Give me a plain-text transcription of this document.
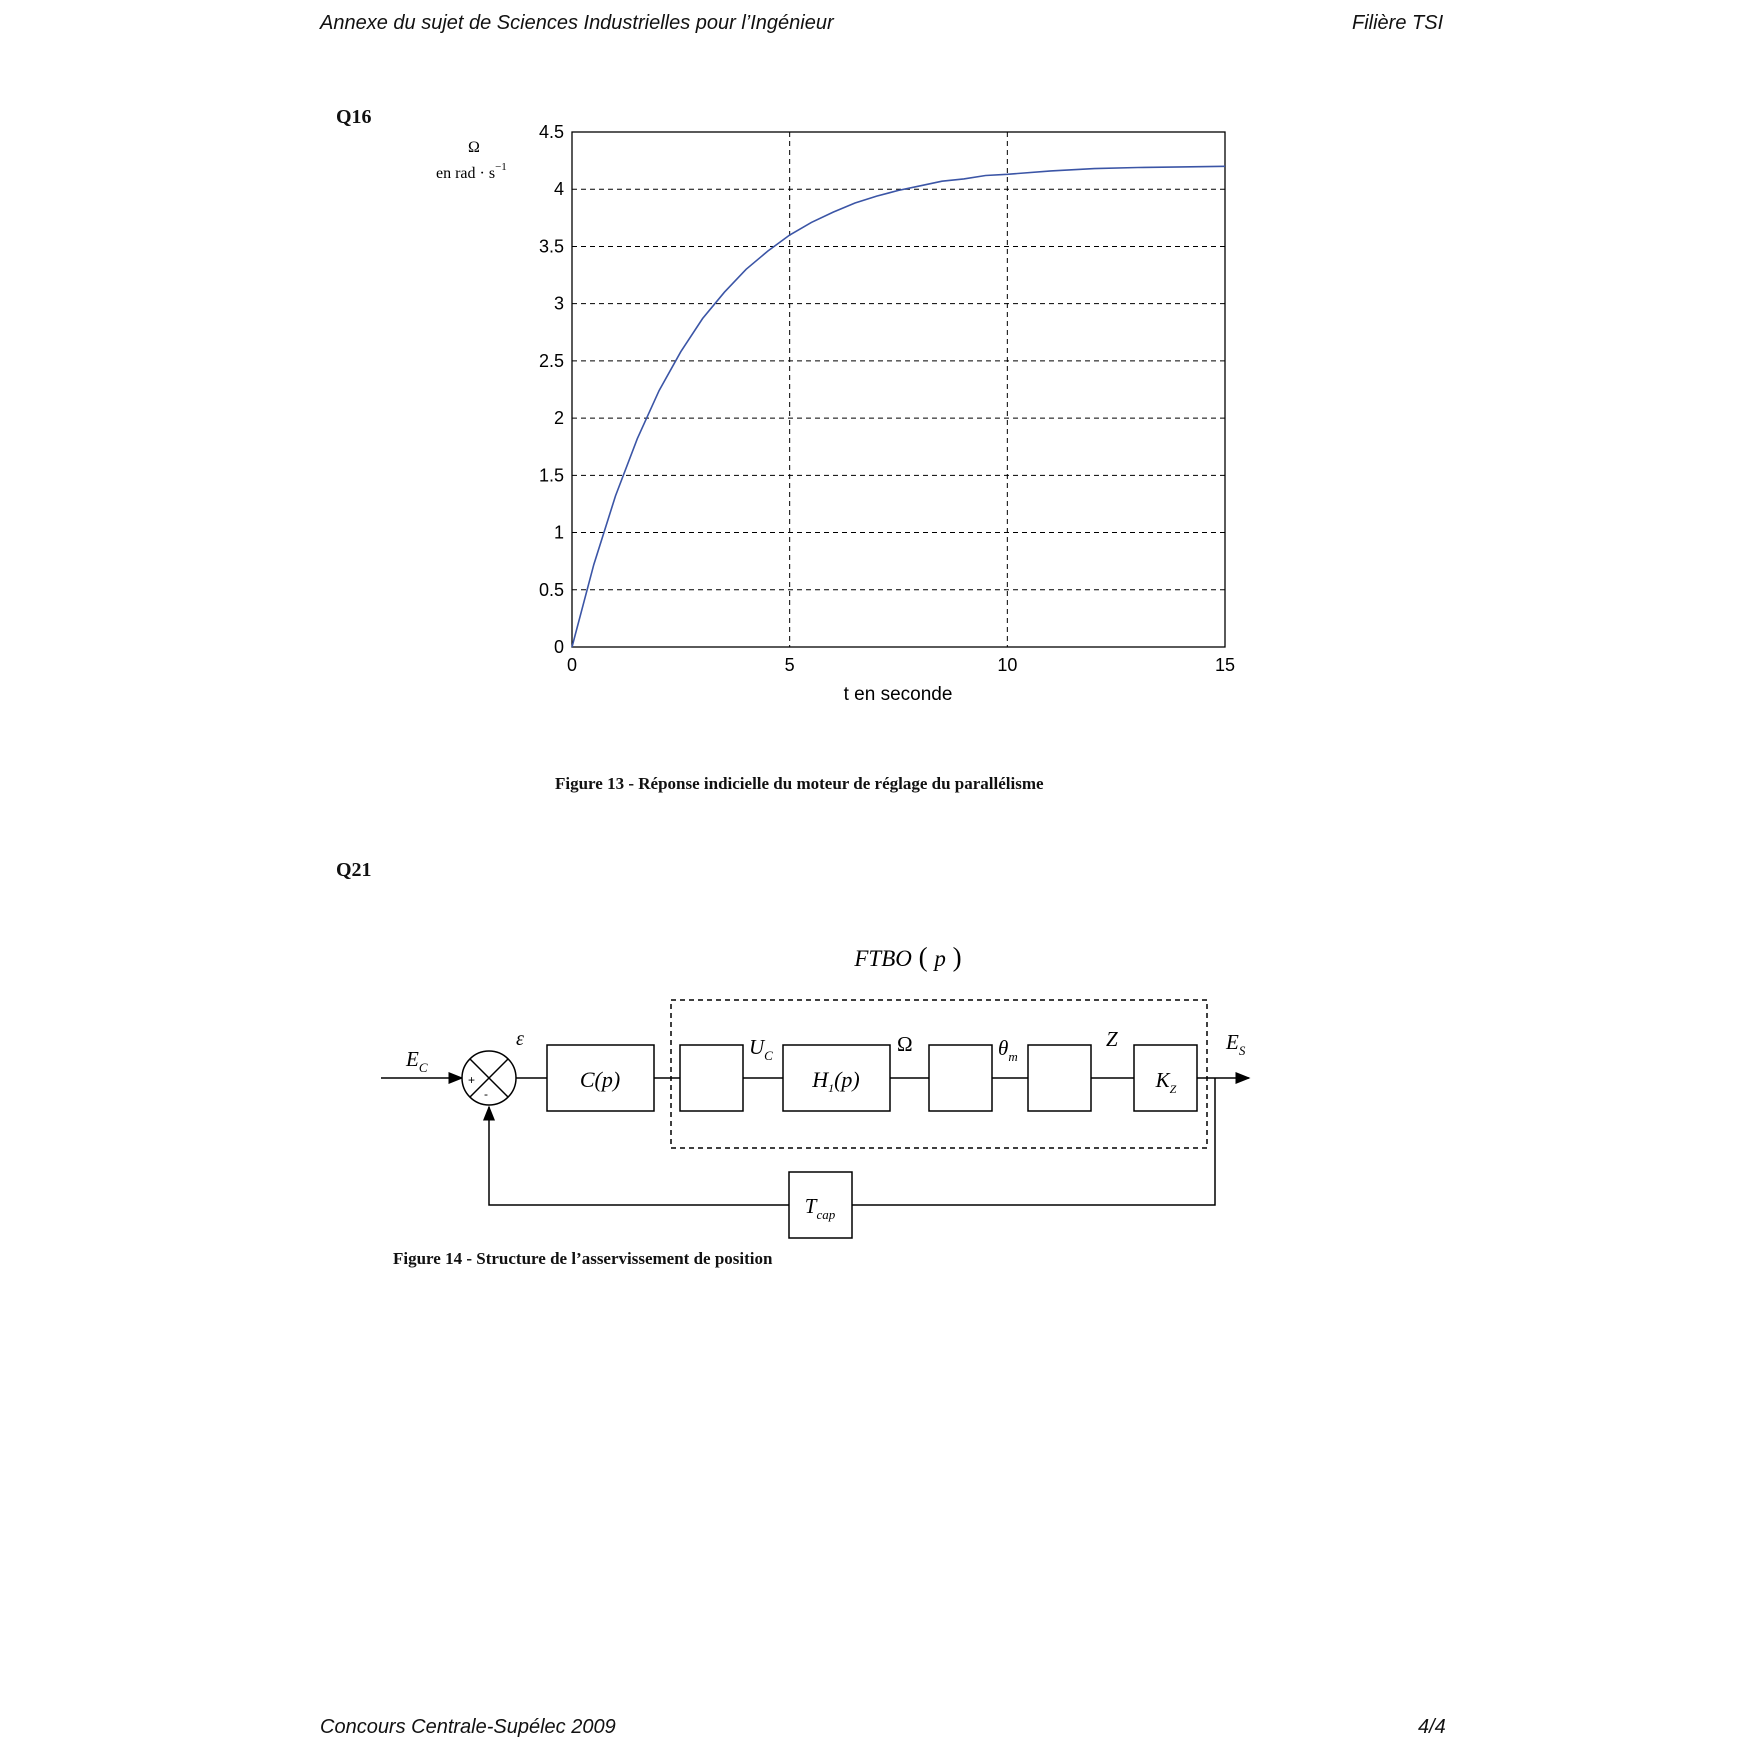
Annexe du sujet de Sciences Industrielles pour l’Ingénieur	Filière TSI
Q16
0
0.5
1
1.5
2
2.5
3
3.5
4
4.5
0	5	10	15
Ω
en rad · $s^{-1}$
t en seconde
Figure 13 - Réponse indicielle du moteur de réglage du parallélisme
Q21
FTBO ( p )
$E_C$
+
-
ε
C(p)
$U_C$
$H_1(p)$
Ω	$\theta_m$
Z
$K_Z$
$E_S$
$T_{cap}$
Figure 14 - Structure de l’asservissement de position
Concours Centrale-Supélec 2009	4/4
